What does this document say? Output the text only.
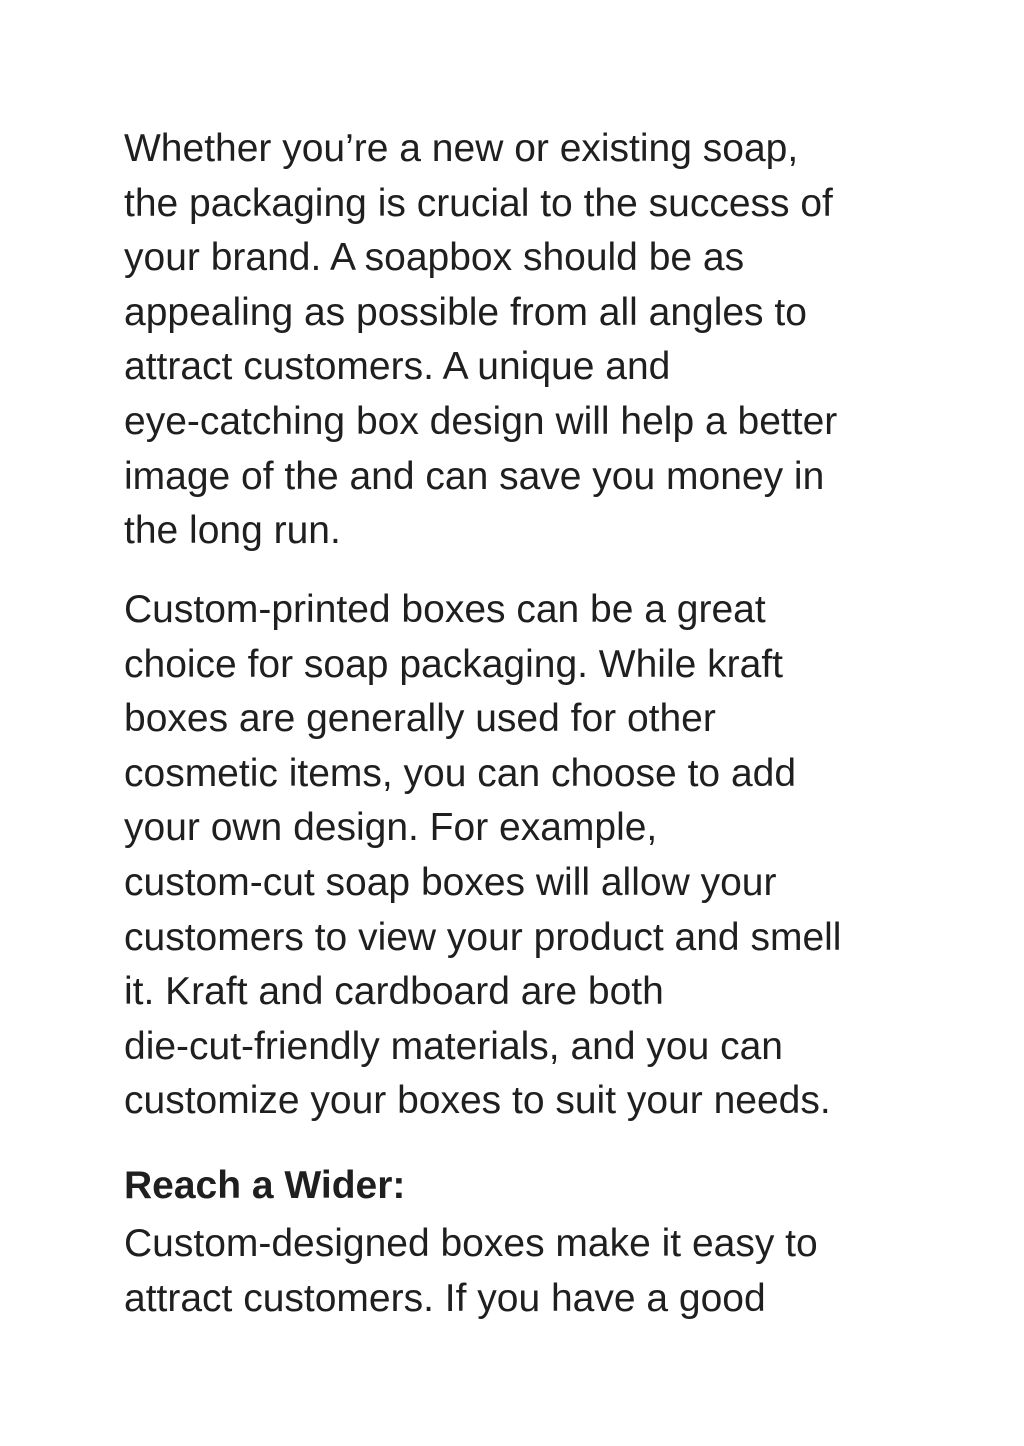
Whether you’re a new or existing soap,
the packaging is crucial to the success of
your brand. A soapbox should be as
appealing as possible from all angles to
attract customers. A unique and
eye-catching box design will help a better
image of the and can save you money in
the long run.

Custom-printed boxes can be a great
choice for soap packaging. While kraft
boxes are generally used for other
cosmetic items, you can choose to add
your own design. For example,
custom-cut soap boxes will allow your
customers to view your product and smell
it. Kraft and cardboard are both
die-cut-friendly materials, and you can
customize your boxes to suit your needs.

Reach a Wider:

Custom-designed boxes make it easy to
attract customers. If you have a good
